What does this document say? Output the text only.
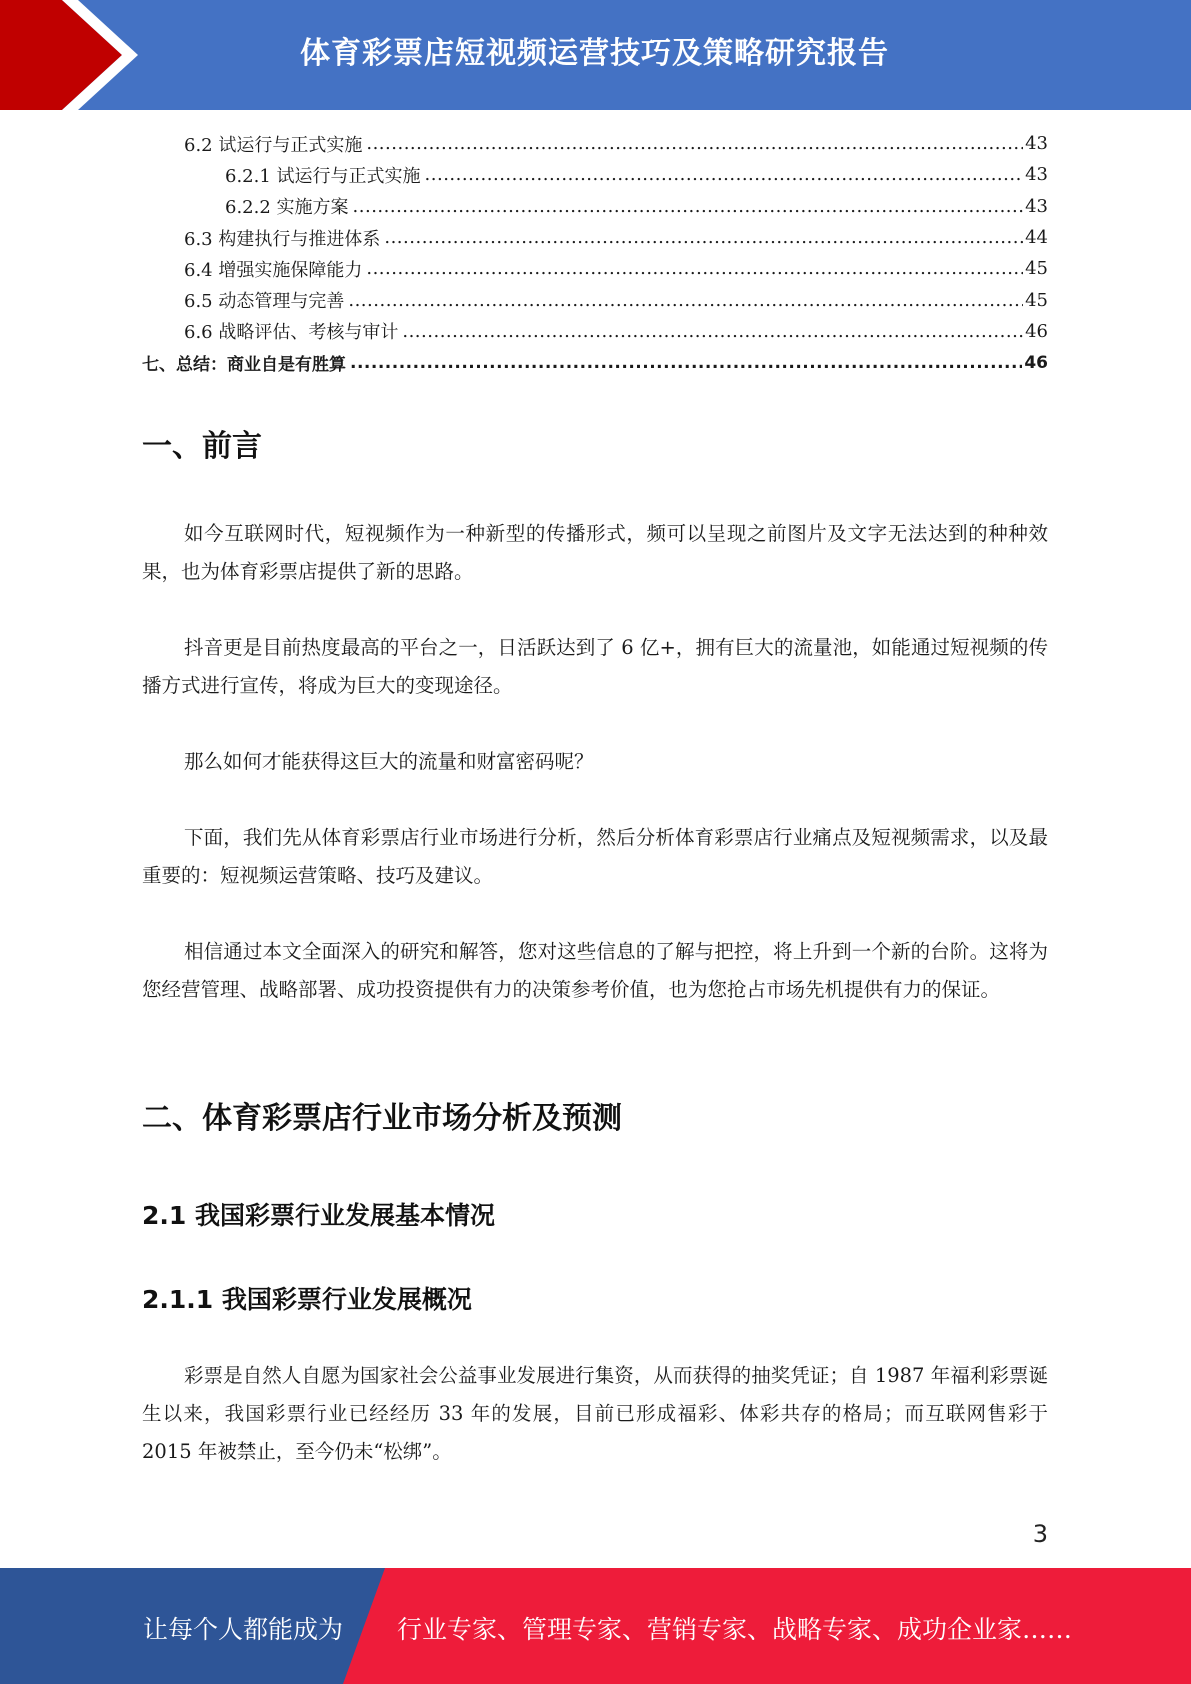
体育彩票店短视频运营技巧及策略研究报告
6.2 试运行与正式实施 .....	43
6.2.1 试运行与正式实施 .....	43
6.2.2 实施方案 .....	43
6.3 构建执行与推进体系 .....	44
6.4 增强实施保障能力 .....	45
6.5 动态管理与完善 .....	45
6.6 战略评估、考核与审计 .....	46
七、总结：商业自是有胜算 .....	46
一、前言

如今互联网时代，短视频作为一种新型的传播形式，频可以呈现之前图片及文字无法达到的种种效果，也为体育彩票店提供了新的思路。

抖音更是目前热度最高的平台之一，日活跃达到了 6 亿+，拥有巨大的流量池，如能通过短视频的传播方式进行宣传，将成为巨大的变现途径。

那么如何才能获得这巨大的流量和财富密码呢？

下面，我们先从体育彩票店行业市场进行分析，然后分析体育彩票店行业痛点及短视频需求，以及最重要的：短视频运营策略、技巧及建议。

相信通过本文全面深入的研究和解答，您对这些信息的了解与把控，将上升到一个新的台阶。这将为您经营管理、战略部署、成功投资提供有力的决策参考价值，也为您抢占市场先机提供有力的保证。

二、体育彩票店行业市场分析及预测
2.1 我国彩票行业发展基本情况
2.1.1 我国彩票行业发展概况

彩票是自然人自愿为国家社会公益事业发展进行集资，从而获得的抽奖凭证；自 1987 年福利彩票诞生以来，我国彩票行业已经经历 33 年的发展，目前已形成福彩、体彩共存的格局；而互联网售彩于 2015 年被禁止，至今仍未“松绑”。

3
让每个人都能成为 行业专家、管理专家、营销专家、战略专家、成功企业家……
